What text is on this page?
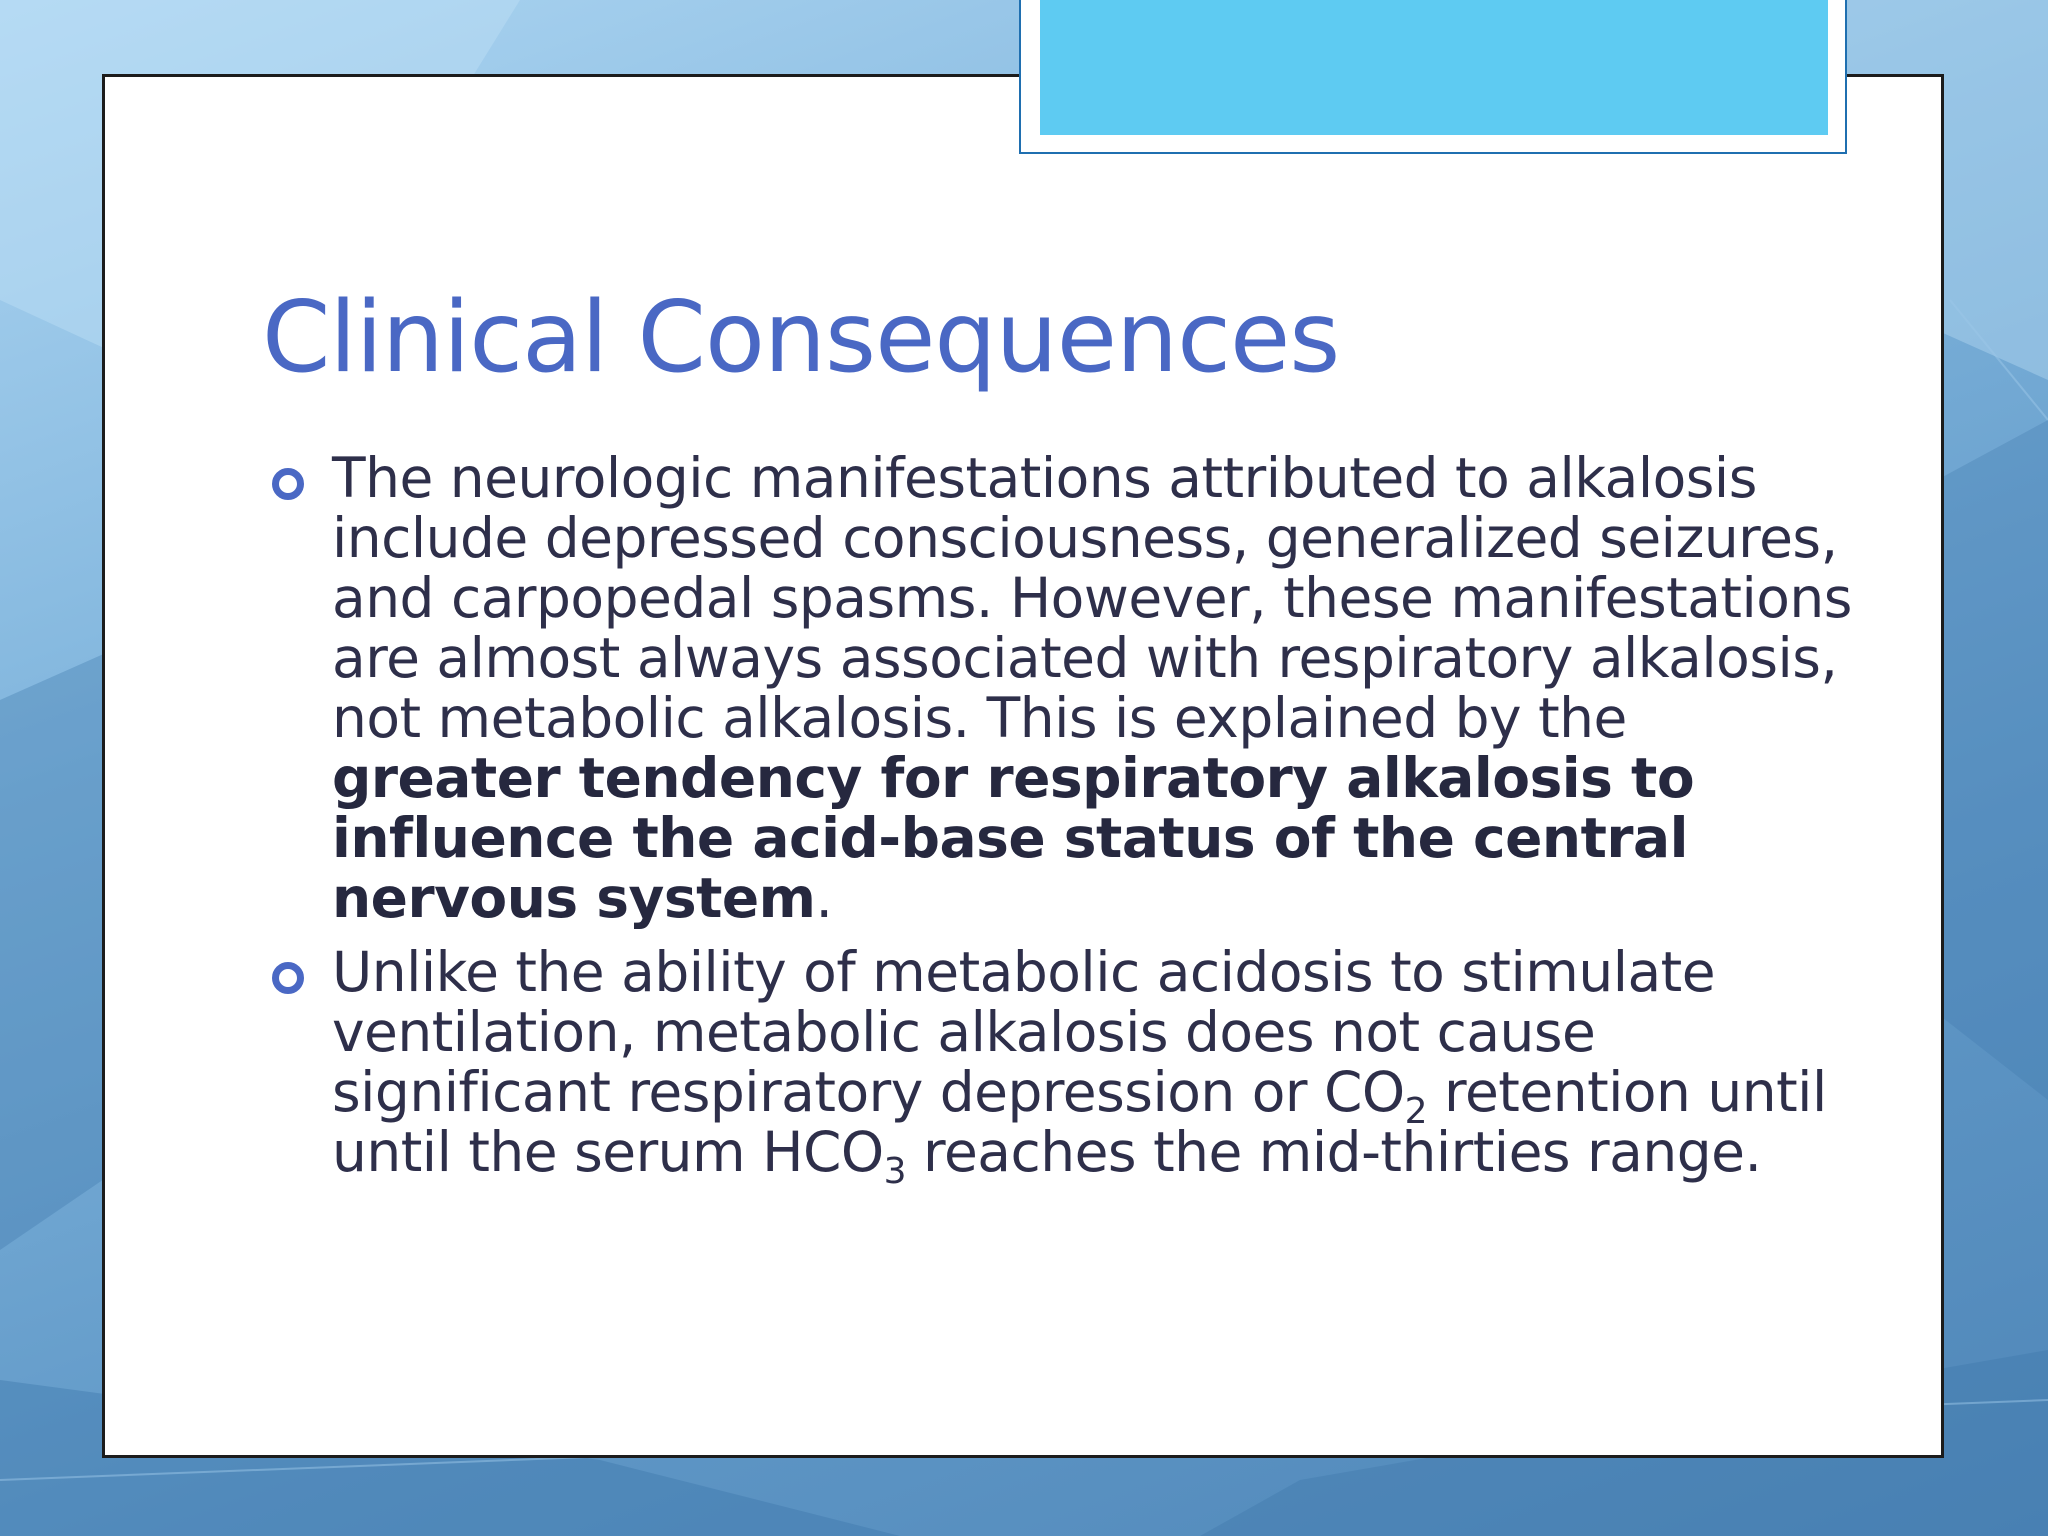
Clinical Consequences
The neurologic manifestations attributed to alkalosis include depressed consciousness, generalized seizures, and carpopedal spasms. However, these manifestations are almost always associated with respiratory alkalosis, not metabolic alkalosis. This is explained by the greater tendency for respiratory alkalosis to influence the acid-base status of the central nervous system.
Unlike the ability of metabolic acidosis to stimulate ventilation, metabolic alkalosis does not cause significant respiratory depression or $CO_2$ retention until until the serum $HCO_3$ reaches the mid-thirties range.
